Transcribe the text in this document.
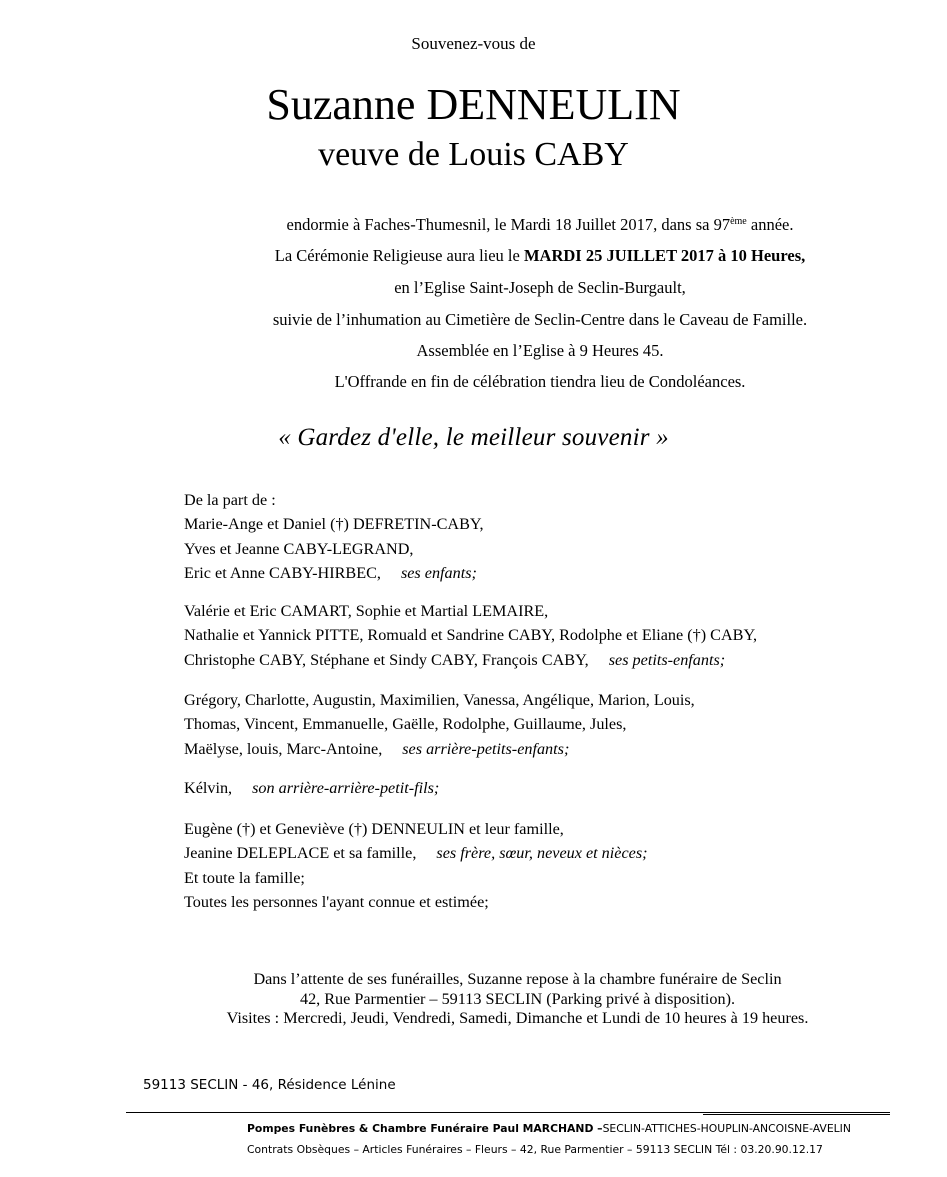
Souvenez-vous de
Suzanne DENNEULIN
veuve de Louis CABY
endormie à Faches-Thumesnil, le Mardi 18 Juillet 2017, dans sa 97ème année.
La Cérémonie Religieuse aura lieu le MARDI 25 JUILLET 2017 à 10 Heures,
en l’Eglise Saint-Joseph de Seclin-Burgault,
suivie de l’inhumation au Cimetière de Seclin-Centre dans le Caveau de Famille.
Assemblée en l’Eglise à 9 Heures 45.
L'Offrande en fin de célébration tiendra lieu de Condoléances.
« Gardez d'elle, le meilleur souvenir »

De la part de :

Marie-Ange et Daniel (†) DEFRETIN-CABY,

Yves et Jeanne CABY-LEGRAND,

Eric et Anne CABY-HIRBEC, ses enfants;

Valérie et Eric CAMART, Sophie et Martial LEMAIRE,

Nathalie et Yannick PITTE, Romuald et Sandrine CABY, Rodolphe et Eliane (†) CABY,

Christophe CABY, Stéphane et Sindy CABY, François CABY, ses petits-enfants;

Grégory, Charlotte, Augustin, Maximilien, Vanessa, Angélique, Marion, Louis,

Thomas, Vincent, Emmanuelle, Gaëlle, Rodolphe, Guillaume, Jules,

Maëlyse, louis, Marc-Antoine, ses arrière-petits-enfants;

Kélvin, son arrière-arrière-petit-fils;

Eugène (†) et Geneviève (†) DENNEULIN et leur famille,

Jeanine DELEPLACE et sa famille, ses frère, sœur, neveux et nièces;

Et toute la famille;

Toutes les personnes l'ayant connue et estimée;

Dans l’attente de ses funérailles, Suzanne repose à la chambre funéraire de Seclin
42, Rue Parmentier – 59113 SECLIN (Parking privé à disposition).
Visites : Mercredi, Jeudi, Vendredi, Samedi, Dimanche et Lundi de 10 heures à 19 heures.
59113 SECLIN - 46, Résidence Lénine
Pompes Funèbres & Chambre Funéraire Paul MARCHAND –SECLIN-ATTICHES-HOUPLIN-ANCOISNE-AVELIN
Contrats Obsèques – Articles Funéraires – Fleurs – 42, Rue Parmentier – 59113 SECLIN Tél : 03.20.90.12.17
